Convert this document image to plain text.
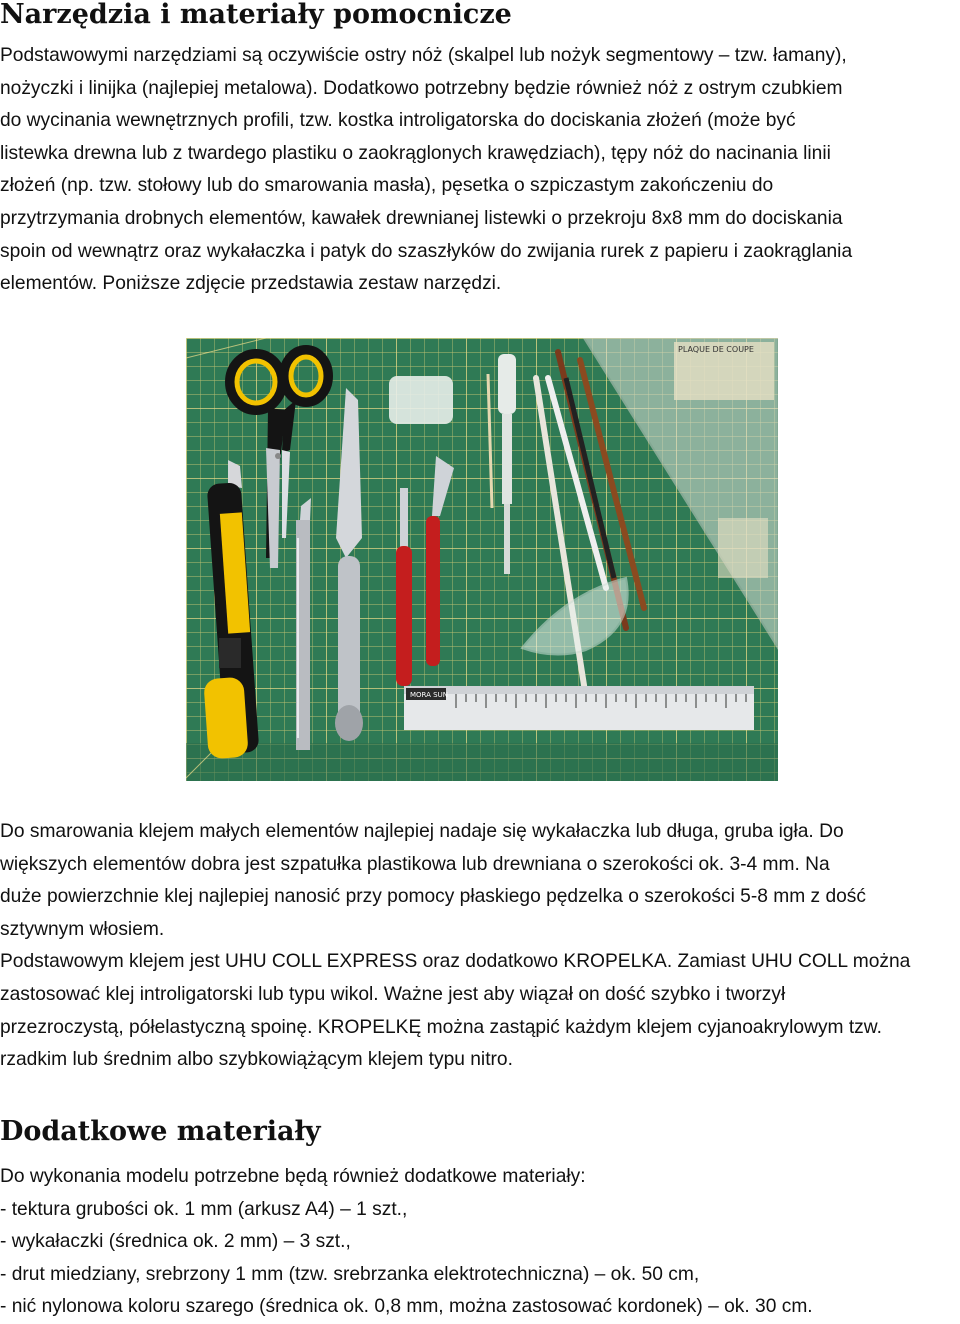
Narzędzia i materiały pomocnicze
Podstawowymi narzędziami są oczywiście ostry nóż (skalpel lub nożyk segmentowy – tzw. łamany),
nożyczki i linijka (najlepiej metalowa). Dodatkowo potrzebny będzie również nóż z ostrym czubkiem
do wycinania wewnętrznych profili, tzw. kostka introligatorska do dociskania złożeń (może być
listewka drewna lub z twardego plastiku o zaokrąglonych krawędziach), tępy nóż do nacinania linii
złożeń (np. tzw. stołowy lub do smarowania masła), pęsetka o szpiczastym zakończeniu do
przytrzymania drobnych elementów, kawałek drewnianej listewki o przekroju 8x8 mm do dociskania
spoin od wewnątrz oraz wykałaczka i patyk do szaszłyków do zwijania rurek z papieru i zaokrąglania
elementów. Poniższe zdjęcie przedstawia zestaw narzędzi.
PLAQUE DE COUPE
MORA SUN
Do smarowania klejem małych elementów najlepiej nadaje się wykałaczka lub długa, gruba igła. Do
większych elementów dobra jest szpatułka plastikowa lub drewniana o szerokości ok. 3-4 mm. Na
duże powierzchnie klej najlepiej nanosić przy pomocy płaskiego pędzelka o szerokości 5-8 mm z dość
sztywnym włosiem.
Podstawowym klejem jest UHU COLL EXPRESS oraz dodatkowo KROPELKA. Zamiast UHU COLL można
zastosować klej introligatorski lub typu wikol. Ważne jest aby wiązał on dość szybko i tworzył
przezroczystą, półelastyczną spoinę. KROPELKĘ można zastąpić każdym klejem cyjanoakrylowym tzw.
rzadkim lub średnim albo szybkowiążącym klejem typu nitro.
Dodatkowe materiały
Do wykonania modelu potrzebne będą również dodatkowe materiały:
- tektura grubości ok. 1 mm (arkusz A4) – 1 szt.,
- wykałaczki (średnica ok. 2 mm) – 3 szt.,
- drut miedziany, srebrzony 1 mm (tzw. srebrzanka elektrotechniczna) – ok. 50 cm,
- nić nylonowa koloru szarego (średnica ok. 0,8 mm, można zastosować kordonek) – ok. 30 cm.
